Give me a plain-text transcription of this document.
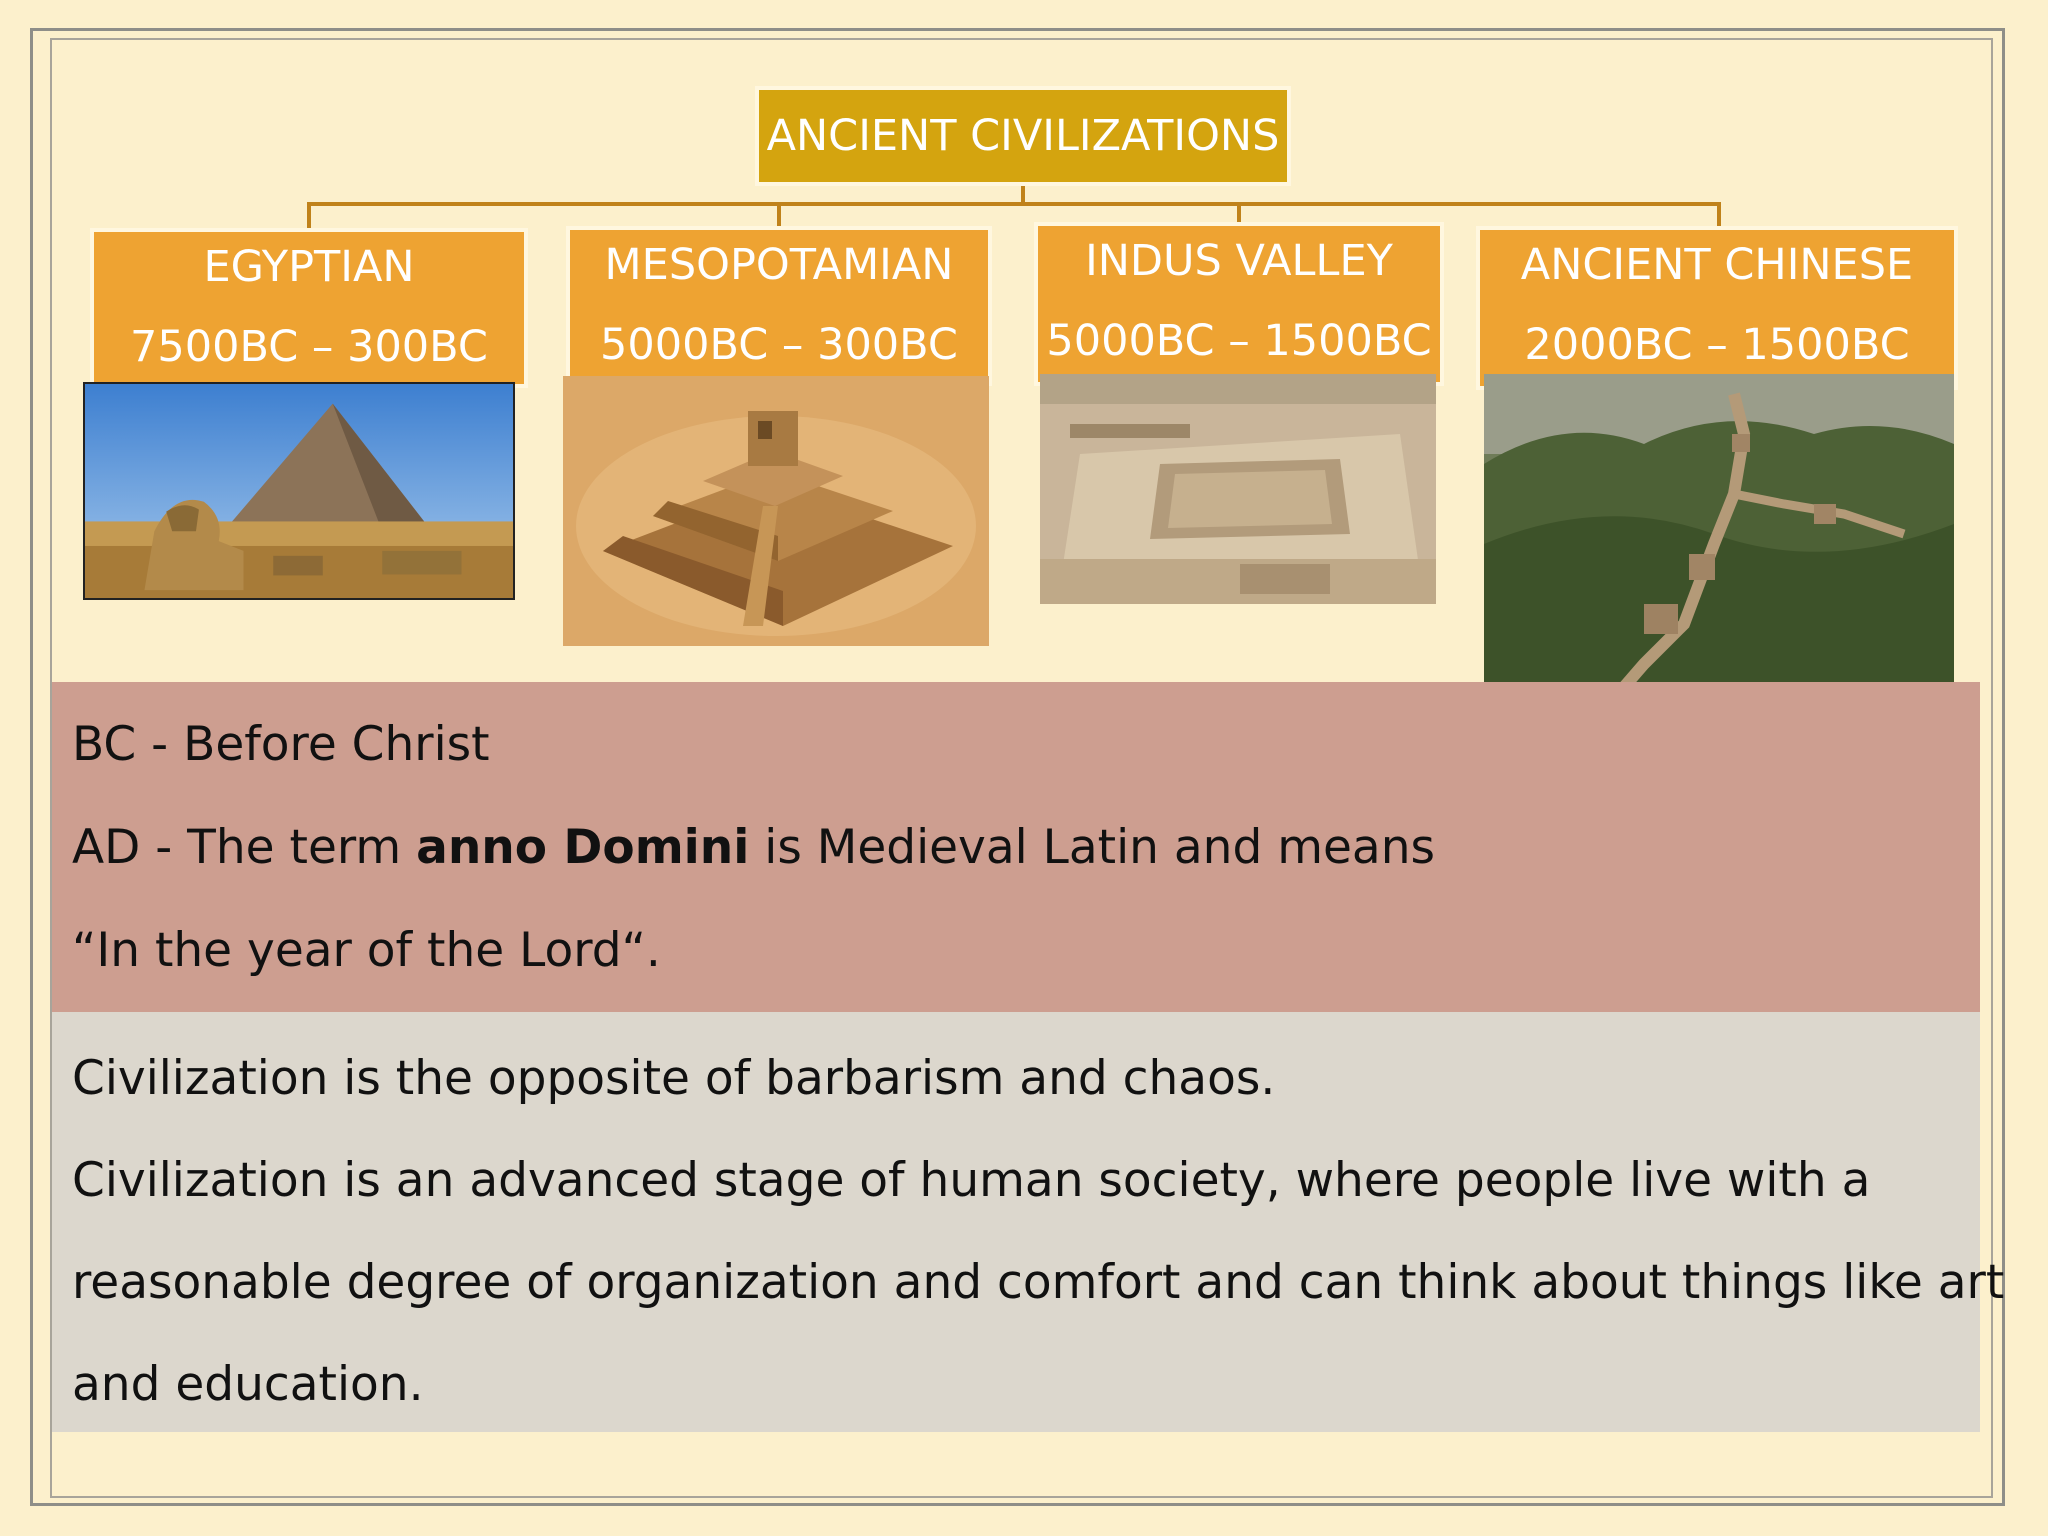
ANCIENT CIVILIZATIONS
EGYPTIAN
7500BC – 300BC
MESOPOTAMIAN
5000BC – 300BC
INDUS VALLEY
5000BC – 1500BC
ANCIENT CHINESE
2000BC – 1500BC

BC - Before Christ

AD - The term anno Domini is Medieval Latin and means

“In the year of the Lord“.

Civilization is the opposite of barbarism and chaos.

Civilization is an advanced stage of human society, where people live with a

reasonable degree of organization and comfort and can think about things like art

and education.
